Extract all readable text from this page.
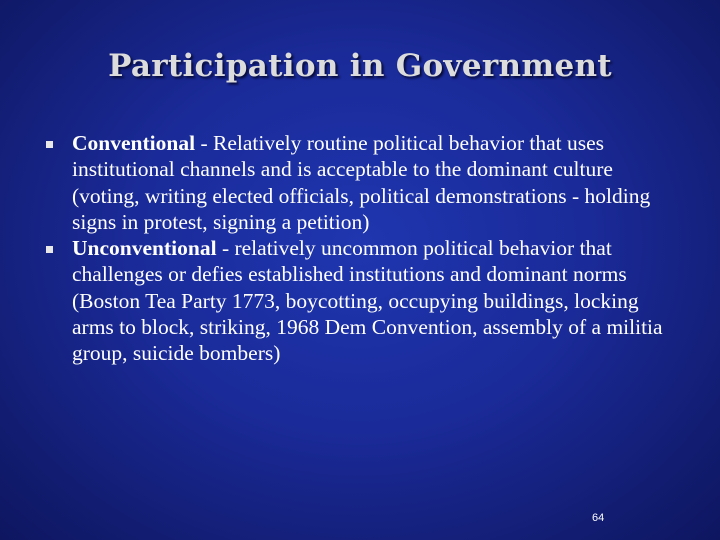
Participation in Government
Conventional - Relatively routine political behavior that uses institutional channels and is acceptable to the dominant culture (voting, writing elected officials, political demonstrations - holding signs in protest, signing a petition)
Unconventional - relatively uncommon political behavior that challenges or defies established institutions and dominant norms (Boston Tea Party 1773, boycotting, occupying buildings, locking arms to block, striking, 1968 Dem Convention, assembly of a militia group, suicide bombers)
64
